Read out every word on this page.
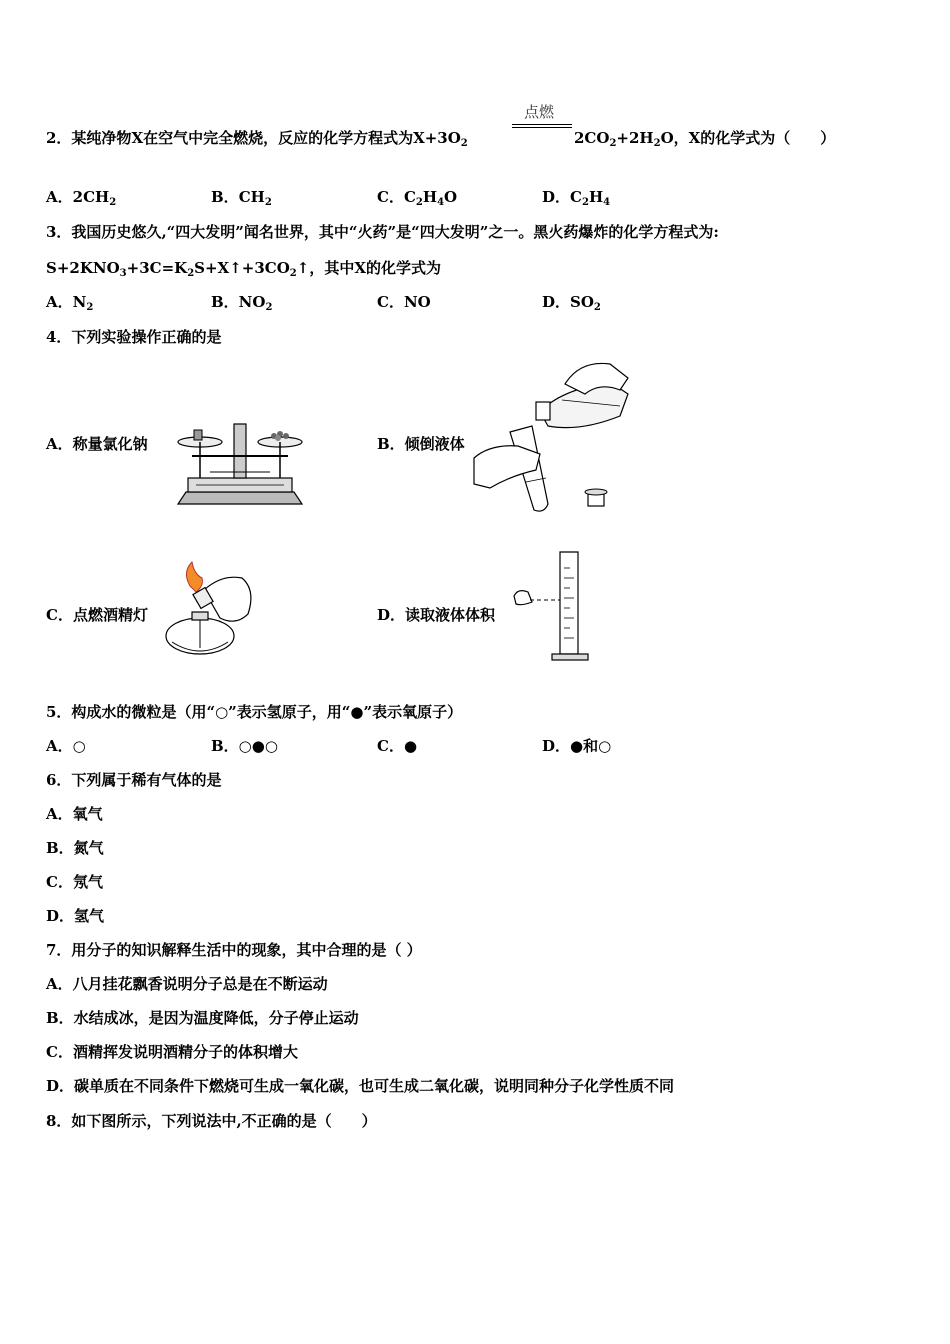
点燃
2．某纯净物X在空气中完全燃烧，反应的化学方程式为$X+3O_2$	$2CO_2+2H_2O$，X的化学式为（　　）
A．$2CH_2$	B．$CH_2$	C．$C_2H_4O$	D．$C_2H_4$
3．我国历史悠久,“四大发明”闻名世界，其中“火药”是“四大发明”之一。黑火药爆炸的化学方程式为:
$S+2KNO_3+3C=K_2S+X↑+3CO_2↑$，其中X的化学式为
A．$N_2$	B．$NO_2$	C．NO	D．$SO_2$
4．下列实验操作正确的是
A．称量氯化钠	B．倾倒液体
C．点燃酒精灯	D．读取液体体积
5．构成水的微粒是（用“○”表示氢原子，用“●”表示氧原子）
A．○	B．○●○	C．●	D．●和○
6．下列属于稀有气体的是
A．氧气
B．氮气
C．氖气
D．氢气
7．用分子的知识解释生活中的现象，其中合理的是（ ）
A．八月挂花飘香说明分子总是在不断运动
B．水结成冰，是因为温度降低，分子停止运动
C．酒精挥发说明酒精分子的体积增大
D．碳单质在不同条件下燃烧可生成一氧化碳，也可生成二氧化碳，说明同种分子化学性质不同
8．如下图所示，下列说法中,不正确的是（　　）
